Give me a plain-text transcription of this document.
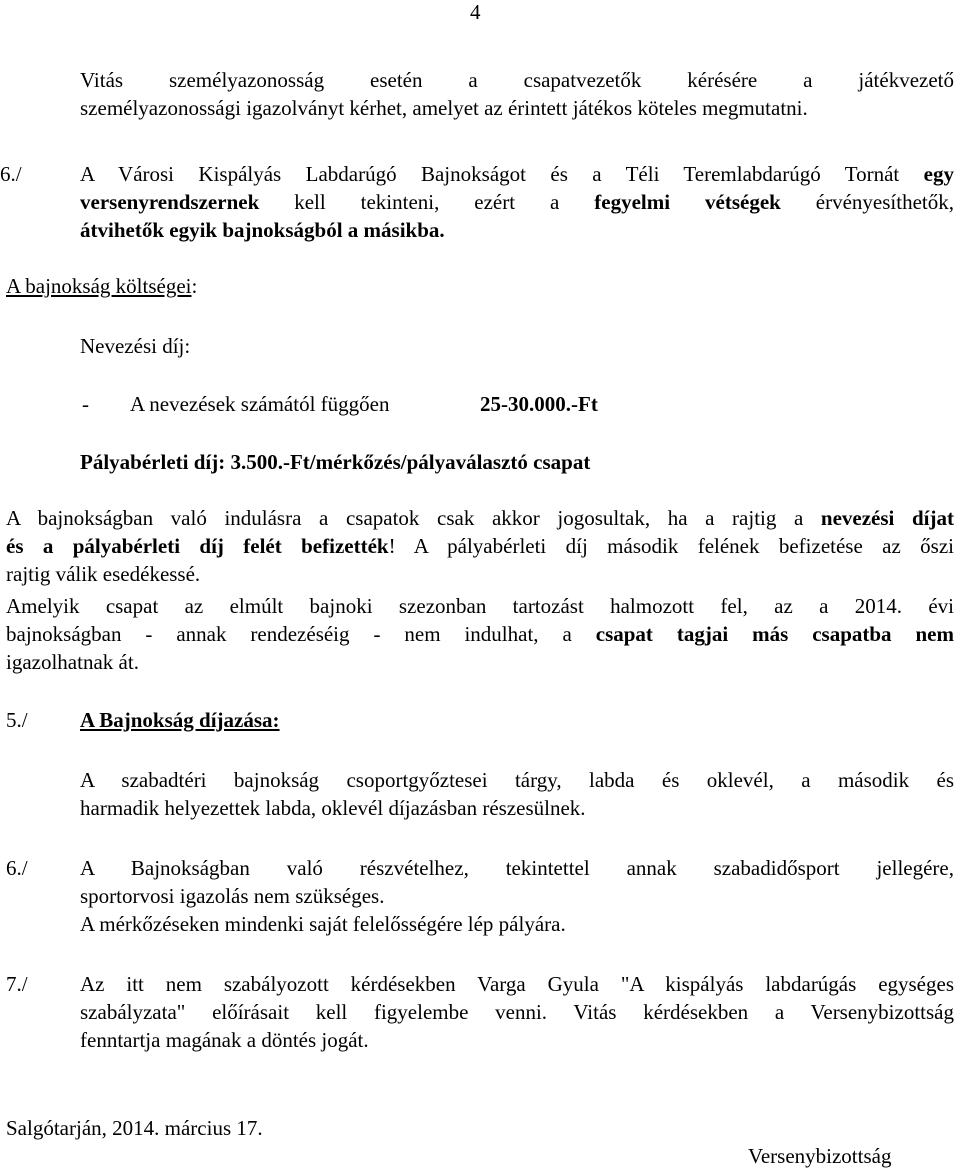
4
Vitás személyazonosság esetén a csapatvezetők kérésére a játékvezető
személyazonossági igazolványt kérhet, amelyet az érintett játékos köteles megmutatni.
6./	A Városi Kispályás Labdarúgó Bajnokságot és a Téli Teremlabdarúgó Tornát egy
versenyrendszernek kell tekinteni, ezért a fegyelmi vétségek érvényesíthetők,
átvihetők egyik bajnokságból a másikba.
A bajnokság költségei:
Nevezési díj:
- A nevezések számától függően	25-30.000.-Ft
Pályabérleti díj: 3.500.-Ft/mérkőzés/pályaválasztó csapat
A bajnokságban való indulásra a csapatok csak akkor jogosultak, ha a rajtig a nevezési díjat
és a pályabérleti díj felét befizették! A pályabérleti díj második felének befizetése az őszi
rajtig válik esedékessé.
Amelyik csapat az elmúlt bajnoki szezonban tartozást halmozott fel, az a 2014. évi
bajnokságban - annak rendezéséig - nem indulhat, a csapat tagjai más csapatba nem
igazolhatnak át.
5./ A Bajnokság díjazása:
A szabadtéri bajnokság csoportgyőztesei tárgy, labda és oklevél, a második és
harmadik helyezettek labda, oklevél díjazásban részesülnek.
6./ A Bajnokságban való részvételhez, tekintettel annak szabadidősport jellegére,
sportorvosi igazolás nem szükséges.
A mérkőzéseken mindenki saját felelősségére lép pályára.
7./ Az itt nem szabályozott kérdésekben Varga Gyula "A kispályás labdarúgás egységes
szabályzata" előírásait kell figyelembe venni. Vitás kérdésekben a Versenybizottság
fenntartja magának a döntés jogát.
Salgótarján, 2014. március 17.
Versenybizottság
